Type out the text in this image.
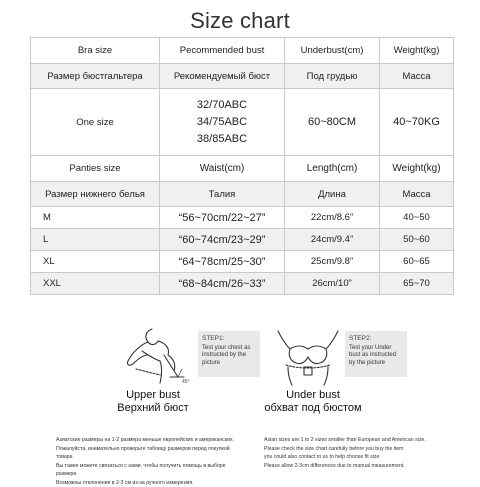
Size chart
Bra size	Pecommended bust	Underbust(cm)	Weight(kg)
Размер бюстгальтера	Рекомендуемый бюст	Под грудью	Масса
One size	32/70ABC
34/75ABC
38/85ABC	60~80CM	40~70KG
Panties size	Waist(cm)	Length(cm)	Weight(kg)
Размер нижнего белья	Талия	Длина	Масса
M	“56~70cm/22~27”	22cm/8.6”	40~50
L	“60~74cm/23~29”	24cm/9.4”	50~60
XL	“64~78cm/25~30”	25cm/9.8”	60~65
XXL	“68~84cm/26~33”	26cm/10”	65~70
45°
STEP1:
Test your chest as instructed by the picture
STEP2:
Test your Under bust as instructed by the picture
Upper bust
Верхний бюст
Under bust
обхват под бюстом
Азиатские размеры на 1-2 размера меньше европейских и американских.
Пожалуйста, внимательно проверьте таблицу размеров перед покупкой товара
Вы также можете связаться с нами, чтобы получить помощь в выборе размера
Возможны отклонения в 2-3 см из-за ручного измерения.
Asian sizes are 1 to 2 sizes smaller than European and American size.
Please check the size chart carefully before you buy the item
you could also contact to us to help choose fit size
Please allow 2-3cm differences due to manual measurement.
